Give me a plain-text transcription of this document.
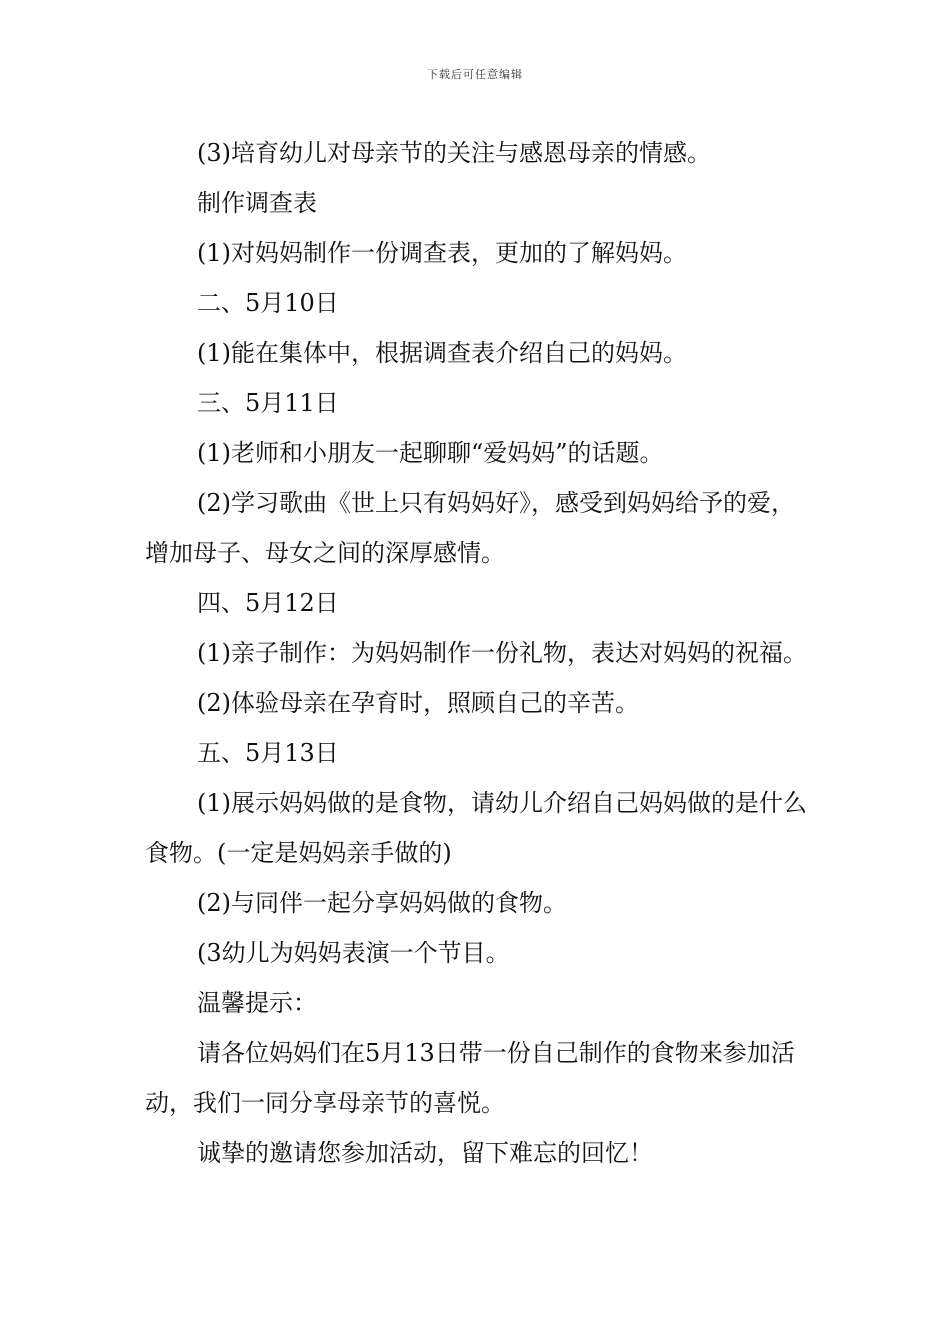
下载后可任意编辑

(3)培育幼儿对母亲节的关注与感恩母亲的情感。

制作调查表

(1)对妈妈制作一份调查表，更加的了解妈妈。

二、5月10日

(1)能在集体中，根据调查表介绍自己的妈妈。

三、5月11日

(1)老师和小朋友一起聊聊“爱妈妈”的话题。

(2)学习歌曲《世上只有妈妈好》，感受到妈妈给予的爱，增加母子、母女之间的深厚感情。

四、5月12日

(1)亲子制作：为妈妈制作一份礼物，表达对妈妈的祝福。

(2)体验母亲在孕育时，照顾自己的辛苦。

五、5月13日

(1)展示妈妈做的是食物，请幼儿介绍自己妈妈做的是什么食物。(一定是妈妈亲手做的)

(2)与同伴一起分享妈妈做的食物。

(3幼儿为妈妈表演一个节目。

温馨提示：

请各位妈妈们在5月13日带一份自己制作的食物来参加活动，我们一同分享母亲节的喜悦。

诚挚的邀请您参加活动，留下难忘的回忆！
